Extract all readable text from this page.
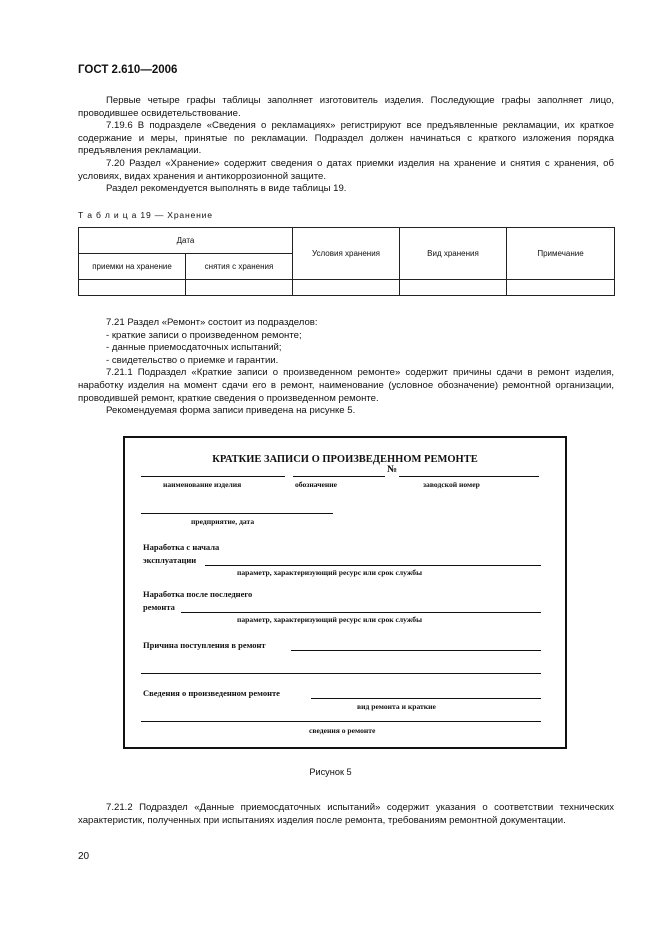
ГОСТ 2.610—2006

Первые четыре графы таблицы заполняет изготовитель изделия. Последующие графы заполняет лицо, проводившее освидетельствование.

7.19.6 В подразделе «Сведения о рекламациях» регистрируют все предъявленные рекламации, их краткое содержание и меры, принятые по рекламации. Подраздел должен начинаться с краткого изложения порядка предъявления рекламации.

7.20 Раздел «Хранение» содержит сведения о датах приемки изделия на хранение и снятия с хранения, об условиях, видах хранения и антикоррозионной защите.

Раздел рекомендуется выполнять в виде таблицы 19.

Т а б л и ц а 19 — Хранение
Дата		Условия хранения	Вид хранения	Примечание
приемки на хранение	снятия с хранения			

7.21 Раздел «Ремонт» состоит из подразделов:

- краткие записи о произведенном ремонте;

- данные приемосдаточных испытаний;

- свидетельство о приемке и гарантии.

7.21.1 Подраздел «Краткие записи о произведенном ремонте» содержит причины сдачи в ремонт изделия, наработку изделия на момент сдачи его в ремонт, наименование (условное обозначение) ремонтной организации, проводившей ремонт, краткие сведения о произведенном ремонте.

Рекомендуемая форма записи приведена на рисунке 5.

КРАТКИЕ ЗАПИСИ О ПРОИЗВЕДЕННОМ РЕМОНТЕ
№
наименование изделия	обозначение	заводской номер
предприятие, дата
Наработка с начала
эксплуатации
параметр, характеризующий ресурс или срок службы
Наработка после последнего
ремонта
параметр, характеризующий ресурс или срок службы
Причина поступления в ремонт
Сведения о произведенном ремонте
вид ремонта и краткие
сведения о ремонте
Рисунок 5

7.21.2 Подраздел «Данные приемосдаточных испытаний» содержит указания о соответствии технических характеристик, полученных при испытаниях изделия после ремонта, требованиям ремонтной документации.

20
